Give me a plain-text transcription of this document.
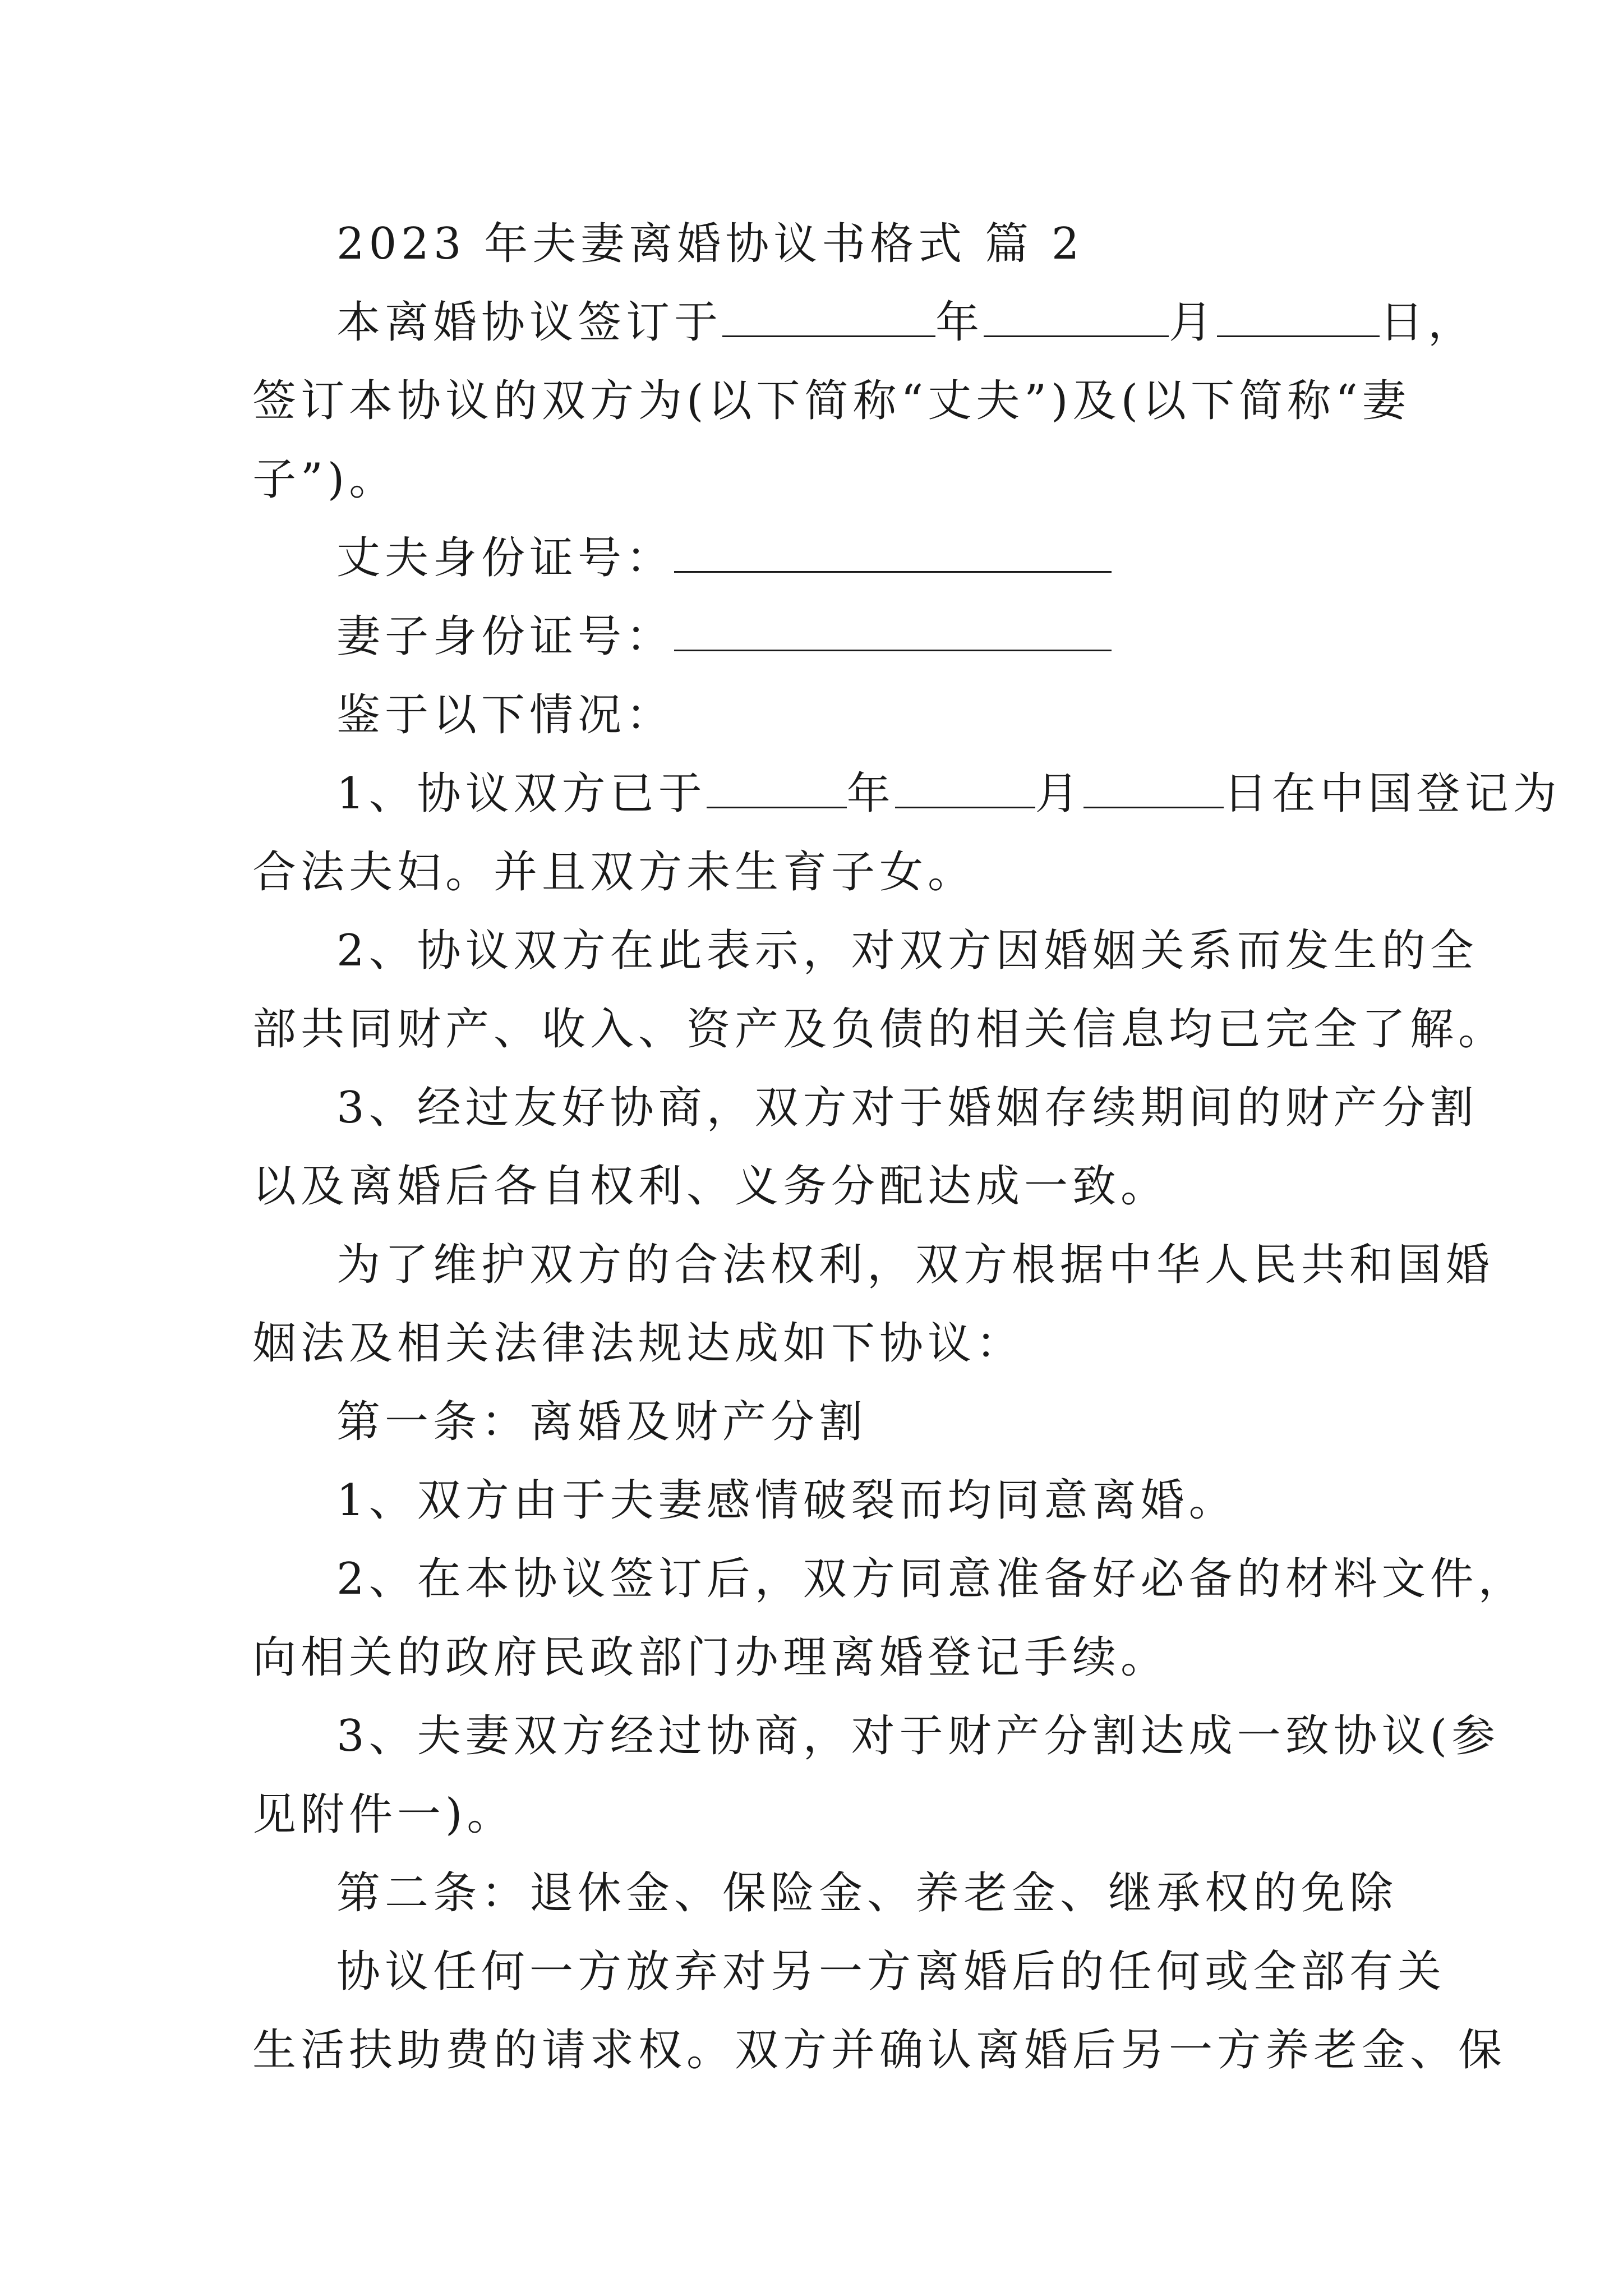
2023 年夫妻离婚协议书格式 篇 2
本离婚协议签订于	年	月	日，
签订本协议的双方为(以下简称“丈夫”)及(以下简称“妻
子”)。
丈夫身份证号：
妻子身份证号：
鉴于以下情况：
1、协议双方已于	年	月	日在中国登记为
合法夫妇。并且双方未生育子女。
2、协议双方在此表示，对双方因婚姻关系而发生的全
部共同财产、收入、资产及负债的相关信息均已完全了解。
3、经过友好协商，双方对于婚姻存续期间的财产分割
以及离婚后各自权利、义务分配达成一致。
为了维护双方的合法权利，双方根据中华人民共和国婚
姻法及相关法律法规达成如下协议：
第一条：离婚及财产分割
1、双方由于夫妻感情破裂而均同意离婚。
2、在本协议签订后，双方同意准备好必备的材料文件，
向相关的政府民政部门办理离婚登记手续。
3、夫妻双方经过协商，对于财产分割达成一致协议(参
见附件一)。
第二条：退休金、保险金、养老金、继承权的免除
协议任何一方放弃对另一方离婚后的任何或全部有关
生活扶助费的请求权。双方并确认离婚后另一方养老金、保
